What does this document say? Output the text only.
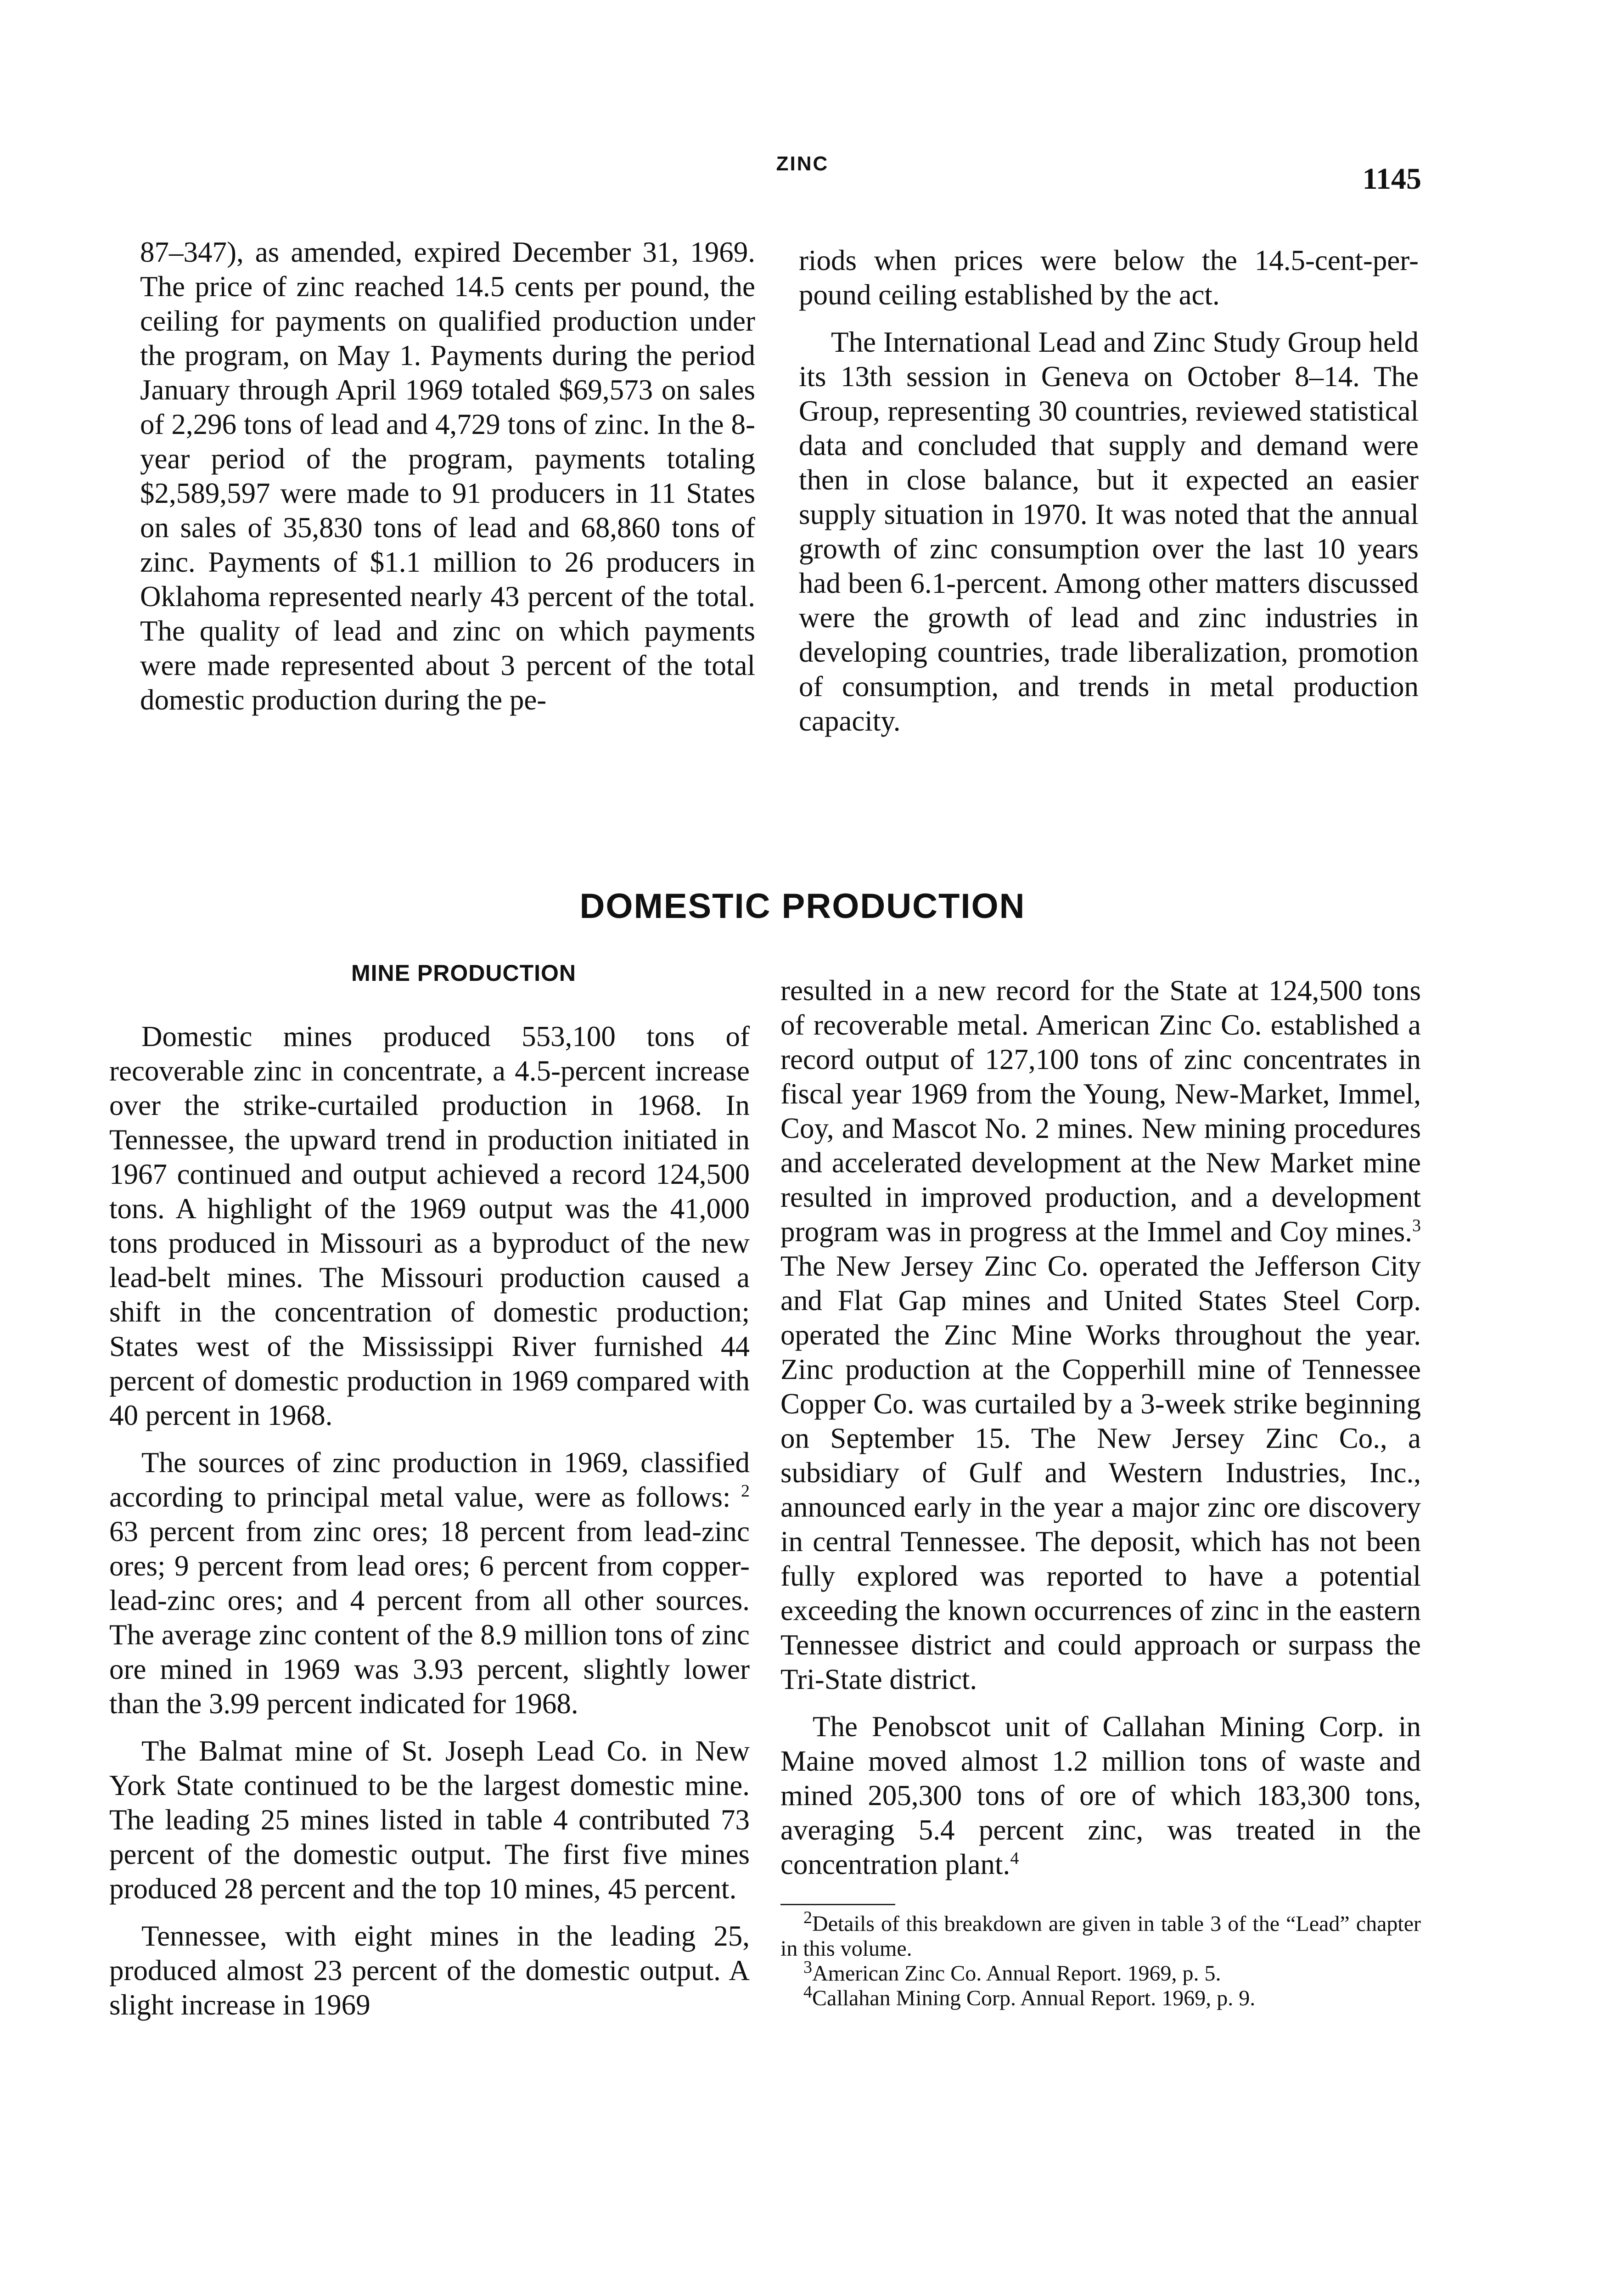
ZINC	1145

87–347), as amended, expired December 31, 1969. The price of zinc reached 14.5 cents per pound, the ceiling for payments on qualified production under the program, on May 1. Payments during the period January through April 1969 totaled $69,573 on sales of 2,296 tons of lead and 4,729 tons of zinc. In the 8-year period of the program, payments totaling $2,589,597 were made to 91 producers in 11 States on sales of 35,830 tons of lead and 68,860 tons of zinc. Payments of $1.1 million to 26 producers in Oklahoma represented nearly 43 percent of the total. The quality of lead and zinc on which payments were made represented about 3 percent of the total domestic production during the pe-

riods when prices were below the 14.5-cent-per-pound ceiling established by the act.

The International Lead and Zinc Study Group held its 13th session in Geneva on October 8–14. The Group, representing 30 countries, reviewed statistical data and concluded that supply and demand were then in close balance, but it expected an easier supply situation in 1970. It was noted that the annual growth of zinc consumption over the last 10 years had been 6.1-percent. Among other matters discussed were the growth of lead and zinc industries in developing countries, trade liberalization, promotion of consumption, and trends in metal production capacity.

DOMESTIC PRODUCTION
MINE PRODUCTION

Domestic mines produced 553,100 tons of recoverable zinc in concentrate, a 4.5-percent increase over the strike-curtailed production in 1968. In Tennessee, the upward trend in production initiated in 1967 continued and output achieved a record 124,500 tons. A highlight of the 1969 output was the 41,000 tons produced in Missouri as a byproduct of the new lead-belt mines. The Missouri production caused a shift in the concentration of domestic production; States west of the Mississippi River furnished 44 percent of domestic production in 1969 compared with 40 percent in 1968.

The sources of zinc production in 1969, classified according to principal metal value, were as follows: $^2$ 63 percent from zinc ores; 18 percent from lead-zinc ores; 9 percent from lead ores; 6 percent from copper-lead-zinc ores; and 4 percent from all other sources. The average zinc content of the 8.9 million tons of zinc ore mined in 1969 was 3.93 percent, slightly lower than the 3.99 percent indicated for 1968.

The Balmat mine of St. Joseph Lead Co. in New York State continued to be the largest domestic mine. The leading 25 mines listed in table 4 contributed 73 percent of the domestic output. The first five mines produced 28 percent and the top 10 mines, 45 percent.

Tennessee, with eight mines in the leading 25, produced almost 23 percent of the domestic output. A slight increase in 1969

resulted in a new record for the State at 124,500 tons of recoverable metal. American Zinc Co. established a record output of 127,100 tons of zinc concentrates in fiscal year 1969 from the Young, New-Market, Immel, Coy, and Mascot No. 2 mines. New mining procedures and accelerated development at the New Market mine resulted in improved production, and a development program was in progress at the Immel and Coy mines.$^3$ The New Jersey Zinc Co. operated the Jefferson City and Flat Gap mines and United States Steel Corp. operated the Zinc Mine Works throughout the year. Zinc production at the Copperhill mine of Tennessee Copper Co. was curtailed by a 3-week strike beginning on September 15. The New Jersey Zinc Co., a subsidiary of Gulf and Western Industries, Inc., announced early in the year a major zinc ore discovery in central Tennessee. The deposit, which has not been fully explored was reported to have a potential exceeding the known occurrences of zinc in the eastern Tennessee district and could approach or surpass the Tri-State district.

The Penobscot unit of Callahan Mining Corp. in Maine moved almost 1.2 million tons of waste and mined 205,300 tons of ore of which 183,300 tons, averaging 5.4 percent zinc, was treated in the concentration plant.$^4$

$^2$Details of this breakdown are given in table 3 of the “Lead” chapter in this volume.

$^3$American Zinc Co. Annual Report. 1969, p. 5.

$^4$Callahan Mining Corp. Annual Report. 1969, p. 9.
